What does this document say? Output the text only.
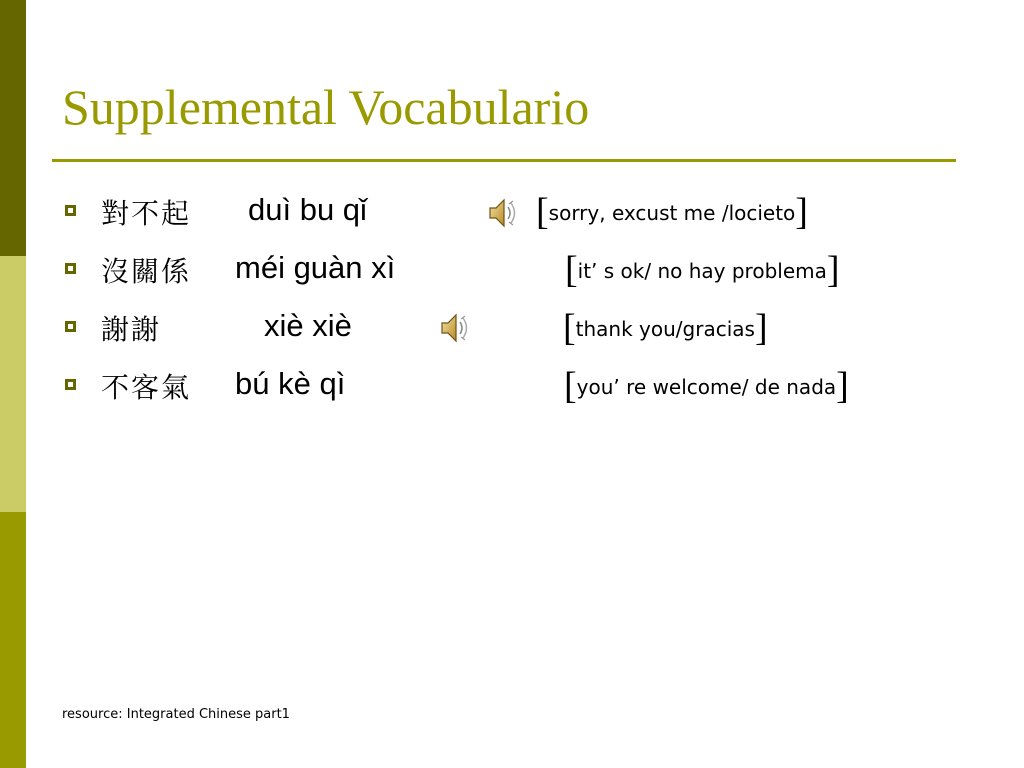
Supplemental Vocabulario
對不起 duì bu qǐ	[sorry, excust me /locieto]
沒關係 méi guàn xì	[it’ s ok/ no hay problema]
謝謝	xiè xiè	[thank you/gracias]
不客氣 bú kè qì	[you’ re welcome/ de nada]
resource: Integrated Chinese part1
